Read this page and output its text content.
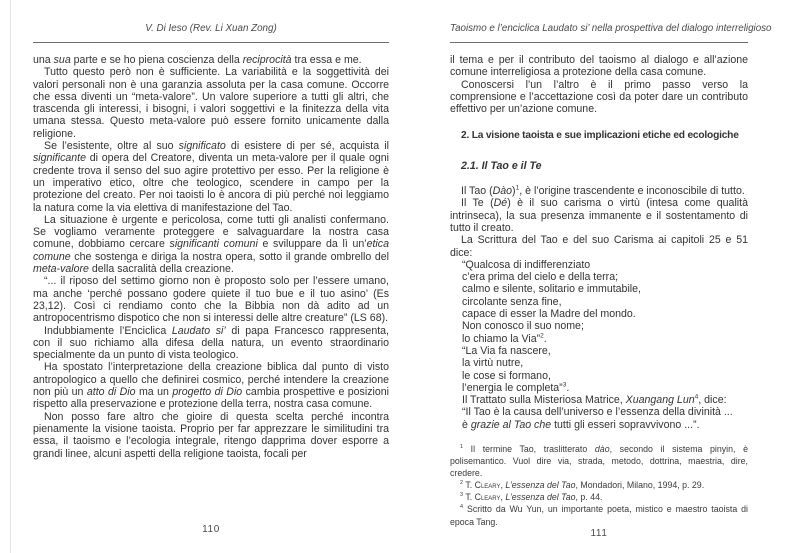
V. Di Ieso (Rev. Li Xuan Zong)
una sua parte e se ho piena coscienza della reciprocità tra essa e me.
Tutto questo però non è sufficiente. La variabilità e la soggettività dei valori personali non è una garanzia assoluta per la casa comune. Occorre che essa diventi un “meta-valore”. Un valore superiore a tutti gli altri, che trascenda gli interessi, i bisogni, i valori soggettivi e la finitezza della vita umana stessa. Questo meta-valore può essere fornito unicamente dalla religione.
Se l’esistente, oltre al suo significato di esistere di per sé, acquista il significante di opera del Creatore, diventa un meta-valore per il quale ogni credente trova il senso del suo agire protettivo per esso. Per la religione è un imperativo etico, oltre che teologico, scendere in campo per la protezione del creato. Per noi taoisti lo è ancora di più perché noi leggiamo la natura come la via elettiva di manifestazione del Tao.
La situazione è urgente e pericolosa, come tutti gli analisti confermano. Se vogliamo veramente proteggere e salvaguardare la nostra casa comune, dobbiamo cercare significanti comuni e sviluppare da lì un’etica comune che sostenga e diriga la nostra opera, sotto il grande ombrello del meta-valore della sacralità della creazione.
“... il riposo del settimo giorno non è proposto solo per l’essere umano, ma anche ‘perché possano godere quiete il tuo bue e il tuo asino’ (Es 23,12). Così ci rendiamo conto che la Bibbia non dà adito ad un antropocentrismo dispotico che non si interessi delle altre creature” (LS 68).
Indubbiamente l’Enciclica Laudato si’ di papa Francesco rappresenta, con il suo richiamo alla difesa della natura, un evento straordinario specialmente da un punto di vista teologico.
Ha spostato l’interpretazione della creazione biblica dal punto di visto antropologico a quello che definirei cosmico, perché intendere la creazione non più un atto di Dio ma un progetto di Dio cambia prospettive e posizioni rispetto alla preservazione e protezione della terra, nostra casa comune.
Non posso fare altro che gioire di questa scelta perché incontra pienamente la visione taoista. Proprio per far apprezzare le similitudini tra essa, il taoismo e l’ecologia integrale, ritengo dapprima dover esporre a grandi linee, alcuni aspetti della religione taoista, focali per
110
Taoismo e l’enciclica Laudato si’ nella prospettiva del dialogo interreligioso
il tema e per il contributo del taoismo al dialogo e all’azione comune interreligiosa a protezione della casa comune.
Conoscersi l’un l’altro è il primo passo verso la comprensione e l’accettazione così da poter dare un contributo effettivo per un’azione comune.
2. La visione taoista e sue implicazioni etiche ed ecologiche
2.1. Il Tao e il Te
Il Tao (Dào)$^1$, è l’origine trascendente e inconoscibile di tutto.
Il Te (Dé) è il suo carisma o virtù (intesa come qualità intrinseca), la sua presenza immanente e il sostentamento di tutto il creato.
La Scrittura del Tao e del suo Carisma ai capitoli 25 e 51 dice:
“Qualcosa di indifferenziato
c’era prima del cielo e della terra;
calmo e silente, solitario e immutabile,
circolante senza fine,
capace di esser la Madre del mondo.
Non conosco il suo nome;
lo chiamo la Via”$^2$.
“La Via fa nascere,
la virtù nutre,
le cose si formano,
l’energia le completa”$^3$.
Il Trattato sulla Misteriosa Matrice, Xuangang Lun$^4$, dice:
“Il Tao è la causa dell’universo e l’essenza della divinità ...
è grazie al Tao che tutti gli esseri sopravvivono ...”.
$^1$ Il termine Tao, traslitterato dào, secondo il sistema pinyin, è polisemantico. Vuol dire via, strada, metodo, dottrina, maestria, dire, credere.
$^2$ T. Cleary, L’essenza del Tao, Mondadori, Milano, 1994, p. 29.
$^3$ T. Cleary, L’essenza del Tao, p. 44.
$^4$ Scritto da Wu Yun, un importante poeta, mistico e maestro taoista di epoca Tang.
111
